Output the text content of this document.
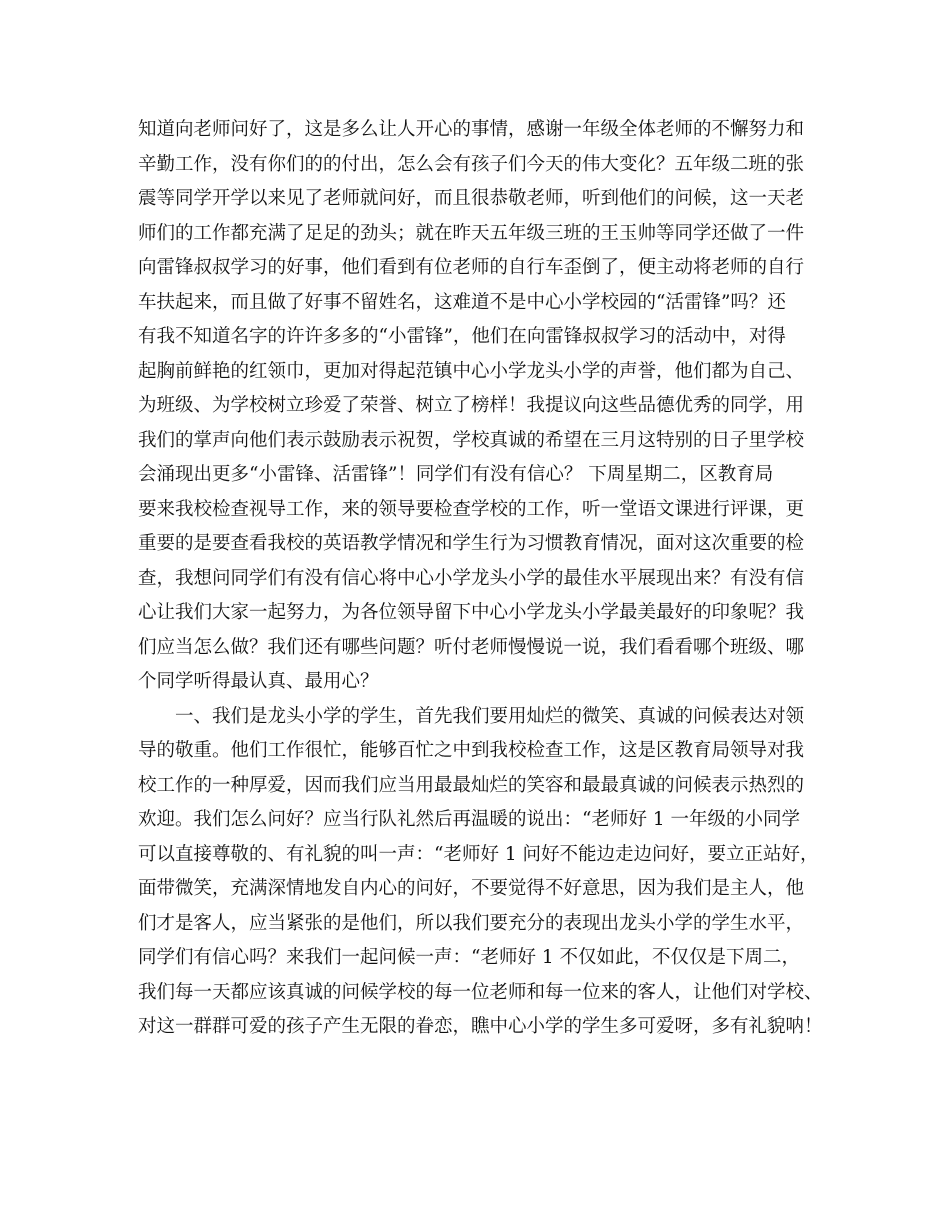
知道向老师问好了，这是多么让人开心的事情，感谢一年级全体老师的不懈努力和
辛勤工作，没有你们的的付出，怎么会有孩子们今天的伟大变化？五年级二班的张
震等同学开学以来见了老师就问好，而且很恭敬老师，听到他们的问候，这一天老
师们的工作都充满了足足的劲头；就在昨天五年级三班的王玉帅等同学还做了一件
向雷锋叔叔学习的好事，他们看到有位老师的自行车歪倒了，便主动将老师的自行
车扶起来，而且做了好事不留姓名，这难道不是中心小学校园的“活雷锋”吗？还
有我不知道名字的许许多多的“小雷锋”，他们在向雷锋叔叔学习的活动中，对得
起胸前鲜艳的红领巾，更加对得起范镇中心小学龙头小学的声誉，他们都为自己、
为班级、为学校树立珍爱了荣誉、树立了榜样！我提议向这些品德优秀的同学，用
我们的掌声向他们表示鼓励表示祝贺，学校真诚的希望在三月这特别的日子里学校
会涌现出更多“小雷锋、活雷锋”！同学们有没有信心？ 下周星期二，区教育局
要来我校检查视导工作，来的领导要检查学校的工作，听一堂语文课进行评课，更
重要的是要查看我校的英语教学情况和学生行为习惯教育情况，面对这次重要的检
查，我想问同学们有没有信心将中心小学龙头小学的最佳水平展现出来？有没有信
心让我们大家一起努力，为各位领导留下中心小学龙头小学最美最好的印象呢？我
们应当怎么做？我们还有哪些问题？听付老师慢慢说一说，我们看看哪个班级、哪
个同学听得最认真、最用心？
　　一、我们是龙头小学的学生，首先我们要用灿烂的微笑、真诚的问候表达对领
导的敬重。他们工作很忙，能够百忙之中到我校检查工作，这是区教育局领导对我
校工作的一种厚爱，因而我们应当用最最灿烂的笑容和最最真诚的问候表示热烈的
欢迎。我们怎么问好？应当行队礼然后再温暖的说出：“老师好 1 一年级的小同学
可以直接尊敬的、有礼貌的叫一声：“老师好 1 问好不能边走边问好，要立正站好，
面带微笑，充满深情地发自内心的问好，不要觉得不好意思，因为我们是主人，他
们才是客人，应当紧张的是他们，所以我们要充分的表现出龙头小学的学生水平，
同学们有信心吗？来我们一起问候一声：“老师好 1 不仅如此，不仅仅是下周二，
我们每一天都应该真诚的问候学校的每一位老师和每一位来的客人，让他们对学校、
对这一群群可爱的孩子产生无限的眷恋，瞧中心小学的学生多可爱呀，多有礼貌呐！
